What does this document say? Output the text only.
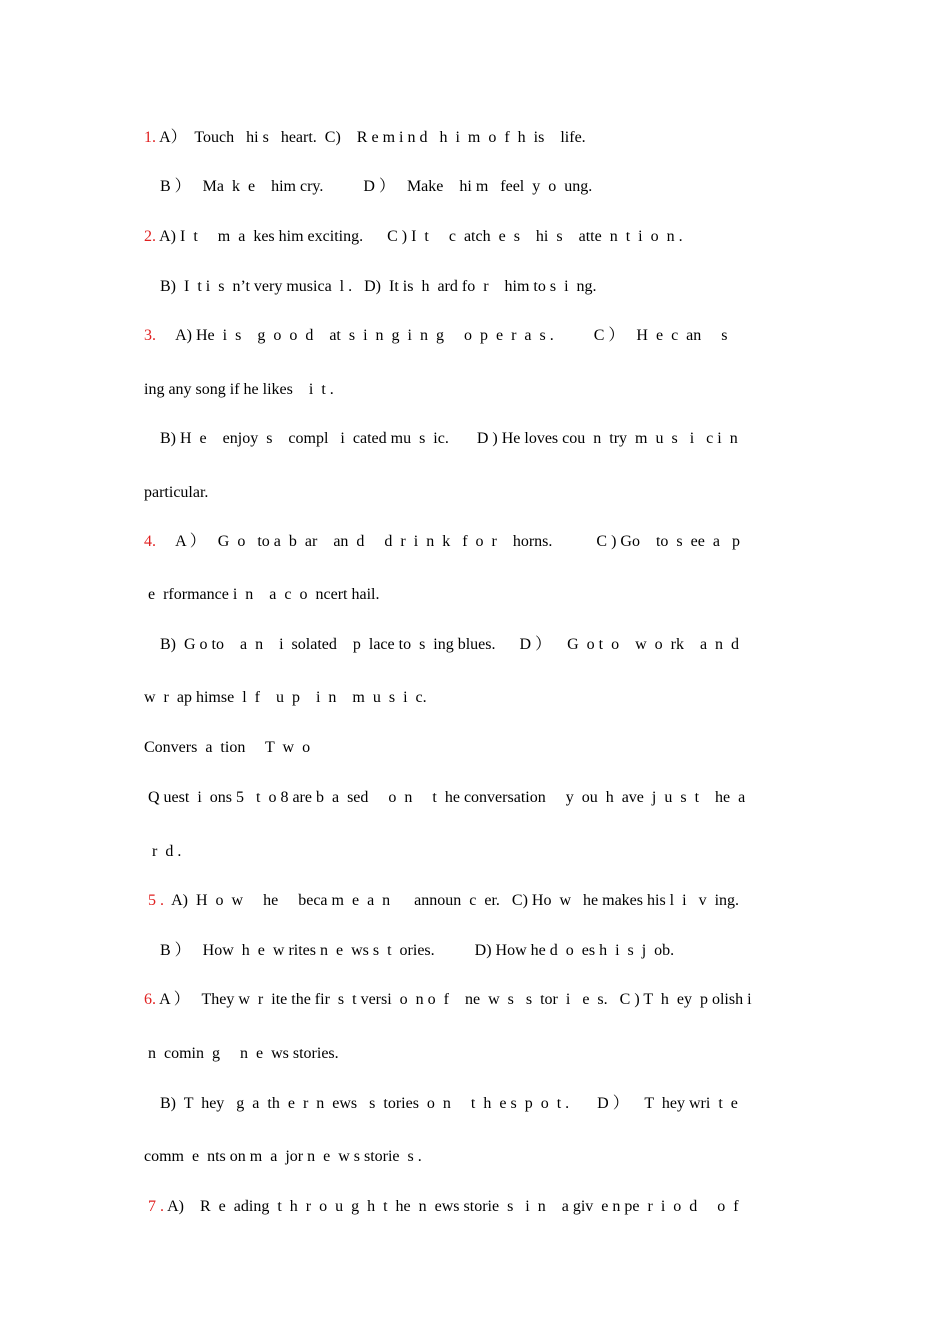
1. A）  Touch   hi s   heart.  C)    R e m i n d   h  i  m  o  f  h  is    life.
B ）   Ma  k  e    him cry.          D ）   Make    hi m   feel  y  o  ung.
2. A) I  t     m  a  kes him exciting.      C ) I  t     c  atch  e  s    hi  s    atte  n  t  i  o  n .
B)  I  t i  s  n’t very musica  l .   D)  It is  h  ard fo  r    him to s  i  ng.
3.     A) He  i  s    g  o  o  d    at  s  i  n  g  i  n  g     o  p  e  r  a  s .          C ）   H  e  c  an     s
ing any song if he likes    i  t .
B) H  e    enjoy  s    compl   i  cated mu  s  ic.       D ) He loves cou  n  try  m  u  s   i   c i  n
particular.
4.     A ）   G  o   to a  b  ar    an  d     d  r  i  n  k   f  o  r    horns.           C ) Go    to  s  ee  a   p
e  rformance i  n    a  c  o  ncert hail.
B)  G o to    a  n    i  solated    p  lace to  s  ing blues.      D ）    G  o t  o    w  o  rk    a  n  d
w  r  ap himse  l  f    u  p    i  n    m  u  s  i  c.
Convers  a  tion     T  w  o
Q uest  i  ons 5   t  o 8 are b  a  sed     o  n     t  he conversation     y  ou  h  ave  j  u  s  t    he  a
r  d .
5 .  A)  H  o  w     he     beca m  e  a  n      announ  c  er.   C) Ho  w   he makes his l  i   v  ing.
B ）   How  h  e  w rites n  e  ws s  t  ories.          D) How he d  o  es h  i  s  j  ob.
6. A ）   They w  r  ite the fir  s  t versi  o  n o  f    ne  w  s   s  tor  i   e  s.   C ) T  h  ey  p olish i
n  comin  g     n  e  ws stories.
B)  T  hey   g  a  th  e  r  n  ews   s  tories  o  n     t  h  e s  p  o  t .       D ）    T  hey wri  t  e
comm  e  nts on m  a  jor n  e  w s storie  s .
7 . A)    R  e  ading  t  h  r  o  u  g  h  t  he  n  ews storie  s   i  n    a giv  e n pe  r  i  o  d     o  f
